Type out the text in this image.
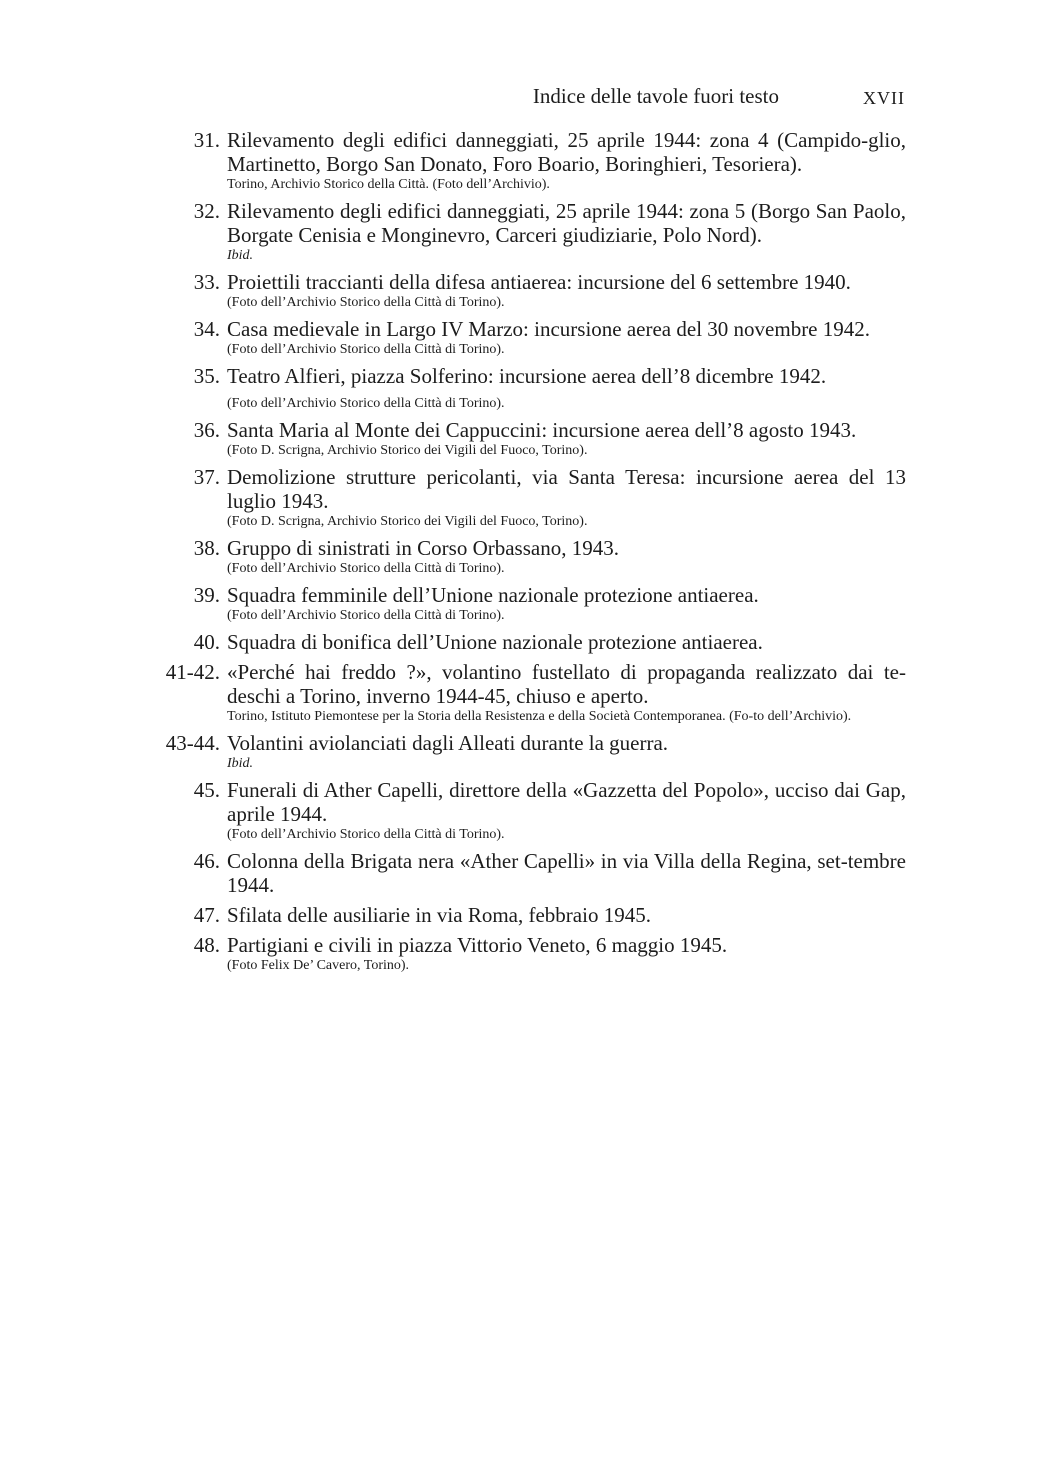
Indice delle tavole fuori testo	XVII
31. Rilevamento degli edifici danneggiati, 25 aprile 1944: zona 4 (Campido-glio, Martinetto, Borgo San Donato, Foro Boario, Boringhieri, Tesoriera).
Torino, Archivio Storico della Città. (Foto dell’Archivio).
32. Rilevamento degli edifici danneggiati, 25 aprile 1944: zona 5 (Borgo San Paolo, Borgate Cenisia e Monginevro, Carceri giudiziarie, Polo Nord).
Ibid.
33. Proiettili traccianti della difesa antiaerea: incursione del 6 settembre 1940.
(Foto dell’Archivio Storico della Città di Torino).
34. Casa medievale in Largo IV Marzo: incursione aerea del 30 novembre 1942.
(Foto dell’Archivio Storico della Città di Torino).
35. Teatro Alfieri, piazza Solferino: incursione aerea dell’8 dicembre 1942.
(Foto dell’Archivio Storico della Città di Torino).
36. Santa Maria al Monte dei Cappuccini: incursione aerea dell’8 agosto 1943.
(Foto D. Scrigna, Archivio Storico dei Vigili del Fuoco, Torino).
37. Demolizione strutture pericolanti, via Santa Teresa: incursione aerea del 13 luglio 1943.
(Foto D. Scrigna, Archivio Storico dei Vigili del Fuoco, Torino).
38. Gruppo di sinistrati in Corso Orbassano, 1943.
(Foto dell’Archivio Storico della Città di Torino).
39. Squadra femminile dell’Unione nazionale protezione antiaerea.
(Foto dell’Archivio Storico della Città di Torino).
40. Squadra di bonifica dell’Unione nazionale protezione antiaerea.
41-42. «Perché hai freddo ?», volantino fustellato di propaganda realizzato dai te-deschi a Torino, inverno 1944-45, chiuso e aperto.
Torino, Istituto Piemontese per la Storia della Resistenza e della Società Contemporanea. (Fo-to dell’Archivio).
43-44. Volantini aviolanciati dagli Alleati durante la guerra.
Ibid.
45. Funerali di Ather Capelli, direttore della «Gazzetta del Popolo», ucciso dai Gap, aprile 1944.
(Foto dell’Archivio Storico della Città di Torino).
46. Colonna della Brigata nera «Ather Capelli» in via Villa della Regina, set-tembre 1944.
47. Sfilata delle ausiliarie in via Roma, febbraio 1945.
48. Partigiani e civili in piazza Vittorio Veneto, 6 maggio 1945.
(Foto Felix De’ Cavero, Torino).
